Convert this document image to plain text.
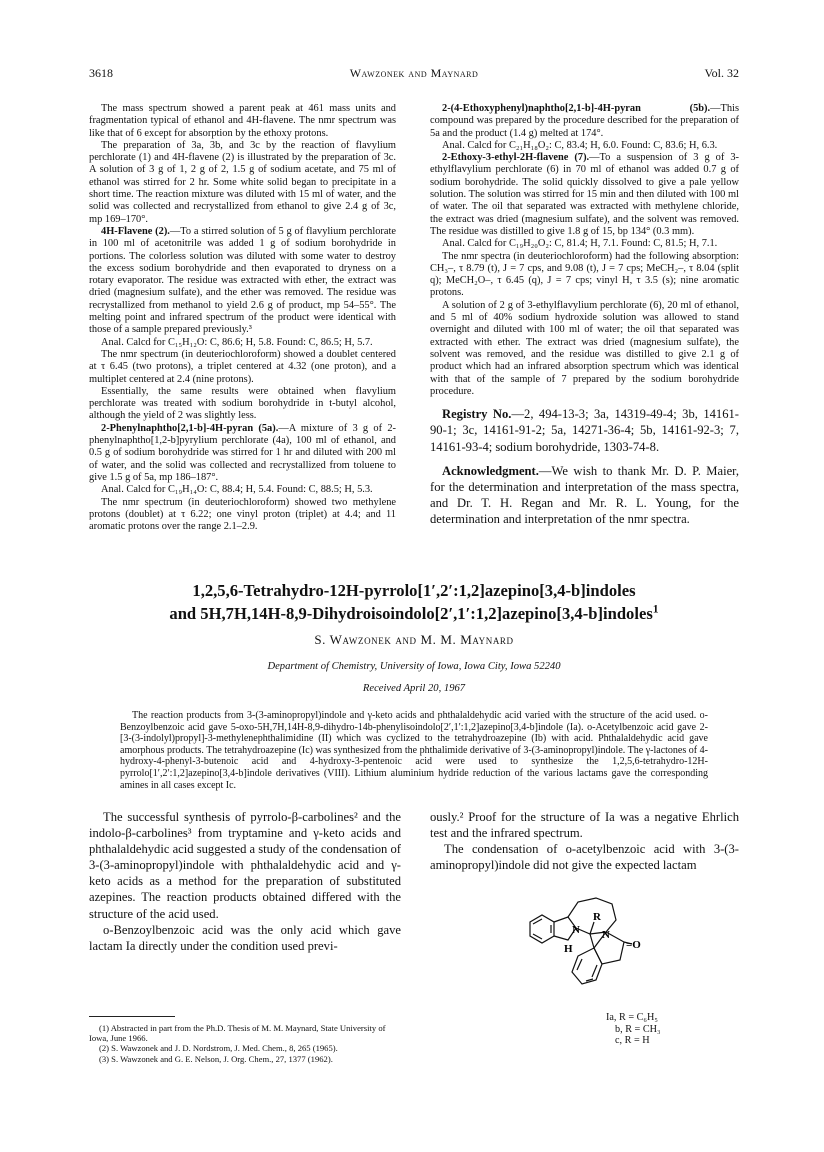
3618	Wawzonek and Maynard	Vol. 32

The mass spectrum showed a parent peak at 461 mass units and fragmentation typical of ethanol and 4H-flavene. The nmr spectrum was like that of 6 except for absorption by the ethoxy protons.

The preparation of 3a, 3b, and 3c by the reaction of flavylium perchlorate (1) and 4H-flavene (2) is illustrated by the preparation of 3c. A solution of 3 g of 1, 2 g of 2, 1.5 g of sodium acetate, and 75 ml of ethanol was stirred for 2 hr. Some white solid began to precipitate in a short time. The reaction mixture was diluted with 15 ml of water, and the solid was collected and recrystallized from ethanol to give 2.4 g of 3c, mp 169–170°.

4H-Flavene (2).—To a stirred solution of 5 g of flavylium perchlorate in 100 ml of acetonitrile was added 1 g of sodium borohydride in portions. The colorless solution was diluted with some water to destroy the excess sodium borohydride and then evaporated to dryness on a rotary evaporator. The residue was extracted with ether, the extract was dried (magnesium sulfate), and the ether was removed. The residue was recrystallized from methanol to yield 2.6 g of product, mp 54–55°. The melting point and infrared spectrum of the product were identical with those of a sample prepared previously.³

Anal. Calcd for C₁₅H₁₂O: C, 86.6; H, 5.8. Found: C, 86.5; H, 5.7.

The nmr spectrum (in deuteriochloroform) showed a doublet centered at τ 6.45 (two protons), a triplet centered at 4.32 (one proton), and a multiplet centered at 2.4 (nine protons).

Essentially, the same results were obtained when flavylium perchlorate was treated with sodium borohydride in t-butyl alcohol, although the yield of 2 was slightly less.

2-Phenylnaphtho[2,1-b]-4H-pyran (5a).—A mixture of 3 g of 2-phenylnaphtho[1,2-b]pyrylium perchlorate (4a), 100 ml of ethanol, and 0.5 g of sodium borohydride was stirred for 1 hr and diluted with 200 ml of water, and the solid was collected and recrystallized from toluene to give 1.5 g of 5a, mp 186–187°.

Anal. Calcd for C₁₉H₁₄O: C, 88.4; H, 5.4. Found: C, 88.5; H, 5.3.

The nmr spectrum (in deuteriochloroform) showed two methylene protons (doublet) at τ 6.22; one vinyl proton (triplet) at 4.4; and 11 aromatic protons over the range 2.1–2.9.

2-(4-Ethoxyphenyl)naphtho[2,1-b]-4H-pyran (5b).—This compound was prepared by the procedure described for the preparation of 5a and the product (1.4 g) melted at 174°.

Anal. Calcd for C₂₁H₁₈O₂: C, 83.4; H, 6.0. Found: C, 83.6; H, 6.3.

2-Ethoxy-3-ethyl-2H-flavene (7).—To a suspension of 3 g of 3-ethylflavylium perchlorate (6) in 70 ml of ethanol was added 0.7 g of sodium borohydride. The solid quickly dissolved to give a pale yellow solution. The solution was stirred for 15 min and then diluted with 100 ml of water. The oil that separated was extracted with methylene chloride, the extract was dried (magnesium sulfate), and the solvent was removed. The residue was distilled to give 1.8 g of 15, bp 134° (0.3 mm).

Anal. Calcd for C₁₉H₂₀O₂: C, 81.4; H, 7.1. Found: C, 81.5; H, 7.1.

The nmr spectra (in deuteriochloroform) had the following absorption: CH₃–, τ 8.79 (t), J = 7 cps, and 9.08 (t), J = 7 cps; MeCH₂–, τ 8.04 (split q); MeCH₂O–, τ 6.45 (q), J = 7 cps; vinyl H, τ 3.5 (s); nine aromatic protons.

A solution of 2 g of 3-ethylflavylium perchlorate (6), 20 ml of ethanol, and 5 ml of 40% sodium hydroxide solution was allowed to stand overnight and diluted with 100 ml of water; the oil that separated was extracted with ether. The extract was dried (magnesium sulfate), the solvent was removed, and the residue was distilled to give 2.1 g of product which had an infrared absorption spectrum which was identical with that of the sample of 7 prepared by the sodium borohydride procedure.

Registry No.—2, 494-13-3; 3a, 14319-49-4; 3b, 14161-90-1; 3c, 14161-91-2; 5a, 14271-36-4; 5b, 14161-92-3; 7, 14161-93-4; sodium borohydride, 1303-74-8.

Acknowledgment.—We wish to thank Mr. D. P. Maier, for the determination and interpretation of the mass spectra, and Dr. T. H. Regan and Mr. R. L. Young, for the determination and interpretation of the nmr spectra.

1,2,5,6-Tetrahydro-12H-pyrrolo[1′,2′:1,2]azepino[3,4-b]indoles
and 5H,7H,14H-8,9-Dihydroisoindolo[2′,1′:1,2]azepino[3,4-b]indoles$^1$
S. Wawzonek and M. M. Maynard
Department of Chemistry, University of Iowa, Iowa City, Iowa 52240
Received April 20, 1967

The reaction products from 3-(3-aminopropyl)indole and γ-keto acids and phthalaldehydic acid varied with the structure of the acid used. o-Benzoylbenzoic acid gave 5-oxo-5H,7H,14H-8,9-dihydro-14b-phenylisoindolo[2′,1′:1,2]azepino[3,4-b]indole (Ia). o-Acetylbenzoic acid gave 2-[3-(3-indolyl)propyl]-3-methylenephthalimidine (II) which was cyclized to the tetrahydroazepine (Ib) with acid. Phthalaldehydic acid gave amorphous products. The tetrahydroazepine (Ic) was synthesized from the phthalimide derivative of 3-(3-aminopropyl)indole. The γ-lactones of 4-hydroxy-4-phenyl-3-butenoic acid and 4-hydroxy-3-pentenoic acid were used to synthesize the 1,2,5,6-tetrahydro-12H-pyrrolo[1′,2′:1,2]azepino[3,4-b]indole derivatives (VIII). Lithium aluminium hydride reduction of the various lactams gave the corresponding amines in all cases except Ic.

The successful synthesis of pyrrolo-β-carbolines² and the indolo-β-carbolines³ from tryptamine and γ-keto acids and phthalaldehydic acid suggested a study of the condensation of 3-(3-aminopropyl)indole with phthalaldehydic acid and γ-keto acids as a method for the preparation of substituted azepines. The reaction products obtained differed with the structure of the acid used.

o-Benzoylbenzoic acid was the only acid which gave lactam Ia directly under the condition used previ-

ously.² Proof for the structure of Ia was a negative Ehrlich test and the infrared spectrum.

The condensation of o-acetylbenzoic acid with 3-(3-aminopropyl)indole did not give the expected lactam

R
N
H
N
=O
Ia, R = C₆H₅
b, R = CH₃
c, R = H

(1) Abstracted in part from the Ph.D. Thesis of M. M. Maynard, State University of Iowa, June 1966.

(2) S. Wawzonek and J. D. Nordstrom, J. Med. Chem., 8, 265 (1965).

(3) S. Wawzonek and G. E. Nelson, J. Org. Chem., 27, 1377 (1962).
